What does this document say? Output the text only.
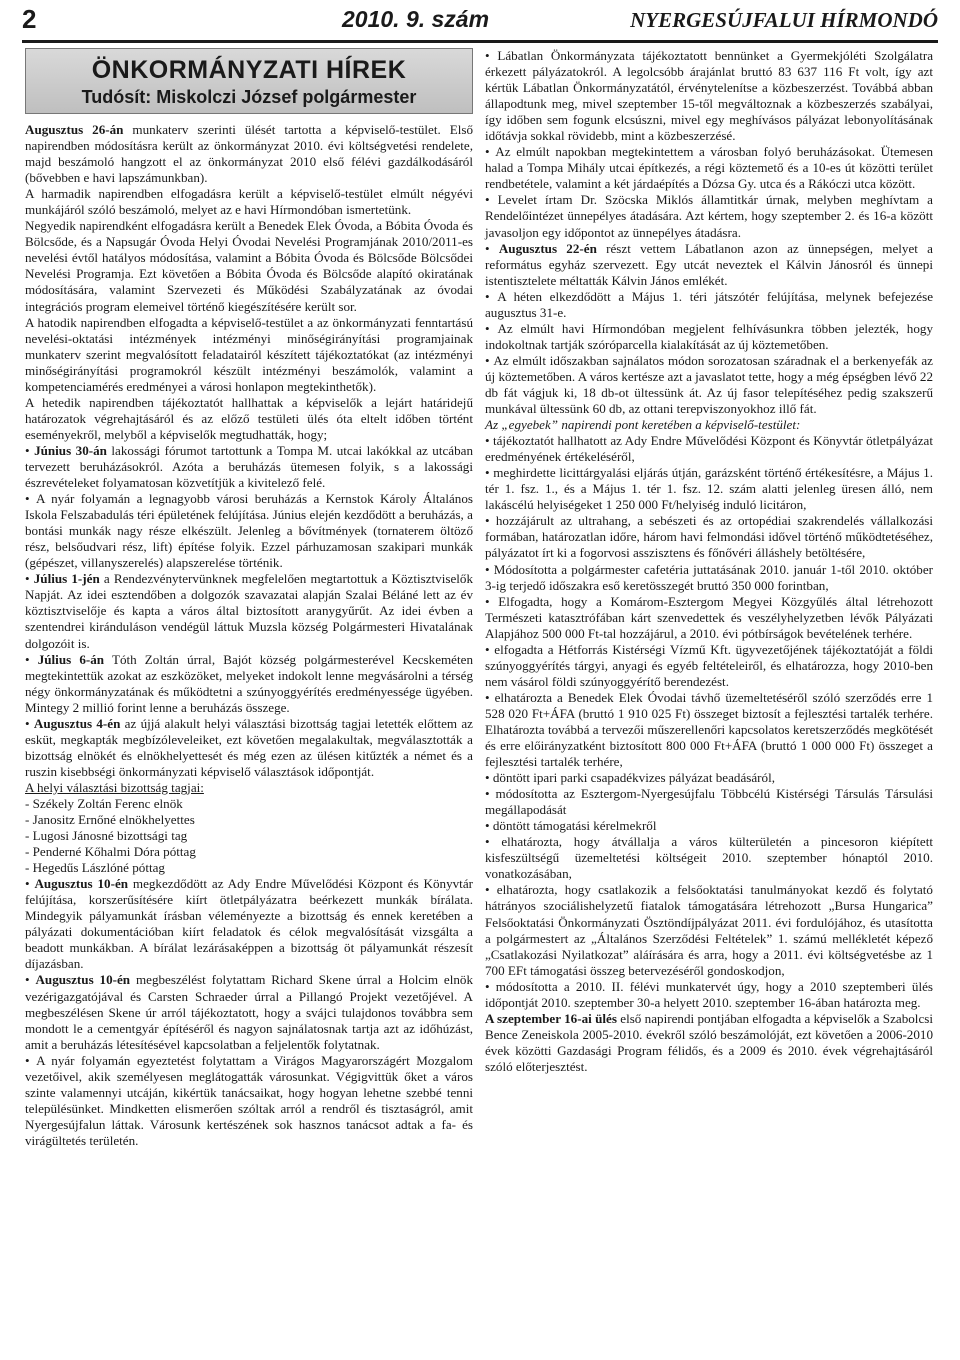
2	2010. 9. szám	NYERGESÚJFALUI HÍRMONDÓ
ÖNKORMÁNYZATI HÍREK
Tudósít: Miskolczi József polgármester

Augusztus 26-án munkaterv szerinti ülését tartotta a képviselő-testület. Első napirendben módosításra került az önkormányzat 2010. évi költségvetési rendelete, majd beszámoló hangzott el az önkormányzat 2010 első félévi gazdálkodásáról (bővebben e havi lapszámunkban).

A harmadik napirendben elfogadásra került a képviselő-testület elmúlt négyévi munkájáról szóló beszámoló, melyet az e havi Hírmondóban ismertetünk.

Negyedik napirendként elfogadásra került a Benedek Elek Óvoda, a Bóbita Óvoda és Bölcsőde, és a Napsugár Óvoda Helyi Óvodai Nevelési Programjának 2010/2011-es nevelési évtől hatályos módosítása, valamint a Bóbita Óvoda és Bölcsőde Bölcsődei Nevelési Programja. Ezt követően a Bóbita Óvoda és Bölcsőde alapító okiratának módosítására, valamint Szervezeti és Működési Szabályzatának az óvodai integrációs program elemeivel történő kiegészítésére került sor.

A hatodik napirendben elfogadta a képviselő-testület a az önkormányzati fenntartású nevelési-oktatási intézmények intézményi minőségirányítási programjainak munkaterv szerint megvalósított feladatairól készített tájékoztatókat (az intézményi minőségirányítási programokról készült intézményi beszámolók, valamint a kompetenciamérés eredményei a városi honlapon megtekinthetők).

A hetedik napirendben tájékoztatót hallhattak a képviselők a lejárt határidejű határozatok végrehajtásáról és az előző testületi ülés óta eltelt időben történt eseményekről, melyből a képviselők megtudhatták, hogy;

• Június 30-án lakossági fórumot tartottunk a Tompa M. utcai lakókkal az utcában tervezett beruházásokról. Azóta a beruházás ütemesen folyik, s a lakossági észrevételeket folyamatosan közvetítjük a kivitelező felé.

• A nyár folyamán a legnagyobb városi beruházás a Kernstok Károly Általános Iskola Felszabadulás téri épületének felújítása. Június elején kezdődött a beruházás, a bontási munkák nagy része elkészült. Jelenleg a bővítmények (tornaterem öltöző rész, belsőudvari rész, lift) építése folyik. Ezzel párhuzamosan szakipari munkák (gépészet, villanyszerelés) alapszerelése történik.

• Július 1-jén a Rendezvénytervünknek megfelelően megtartottuk a Köztisztviselők Napját. Az idei esztendőben a dolgozók szavazatai alapján Szalai Béláné lett az év köztisztviselője és kapta a város által biztosított aranygyűrűt. Az idei évben a szentendrei kiránduláson vendégül láttuk Muzsla község Polgármesteri Hivatalának dolgozóit is.

• Július 6-án Tóth Zoltán úrral, Bajót község polgármesterével Kecskeméten megtekintettük azokat az eszközöket, melyeket indokolt lenne megvásárolni a térség négy önkormányzatának és működtetni a szúnyoggyérítés eredményessége ügyében. Mintegy 2 millió forint lenne a beruházás összege.

• Augusztus 4-én az újjá alakult helyi választási bizottság tagjai letették előttem az esküt, megkapták megbízóleveleiket, ezt követően megalakultak, megválasztották a bizottság elnökét és elnökhelyettesét és még ezen az ülésen kitűzték a német és a ruszin kisebbségi önkormányzati képviselő választások időpontját.

A helyi választási bizottság tagjai:

- Székely Zoltán Ferenc elnök

- Janositz Ernőné elnökhelyettes

- Lugosi Jánosné bizottsági tag

- Penderné Kőhalmi Dóra póttag

- Hegedűs Lászlóné póttag

• Augusztus 10-én megkezdődött az Ady Endre Művelődési Központ és Könyvtár felújítása, korszerűsítésére kiírt ötletpályázatra beérkezett munkák bírálata. Mindegyik pályamunkát írásban véleményezte a bizottság és ennek keretében a pályázati dokumentációban kiírt feladatok és célok megvalósítását vizsgálta a beadott munkákban. A bírálat lezárásaképpen a bizottság öt pályamunkát részesít díjazásban.

• Augusztus 10-én megbeszélést folytattam Richard Skene úrral a Holcim elnök vezérigazgatójával és Carsten Schraeder úrral a Pillangó Projekt vezetőjével. A megbeszélésen Skene úr arról tájékoztatott, hogy a svájci tulajdonos továbbra sem mondott le a cementgyár építéséről és nagyon sajnálatosnak tartja azt az időhúzást, amit a beruházás létesítésével kapcsolatban a feljelentők folytatnak.

• A nyár folyamán egyeztetést folytattam a Virágos Magyarországért Mozgalom vezetőivel, akik személyesen meglátogatták városunkat. Végigvittük őket a város szinte valamennyi utcáján, kikértük tanácsaikat, hogy hogyan lehetne szebbé tenni településünket. Mindketten elismerően szóltak arról a rendről és tisztaságról, amit Nyergesújfalun láttak. Városunk kertészének sok hasznos tanácsot adtak a fa- és virágültetés területén.

• Lábatlan Önkormányzata tájékoztatott bennünket a Gyermekjóléti Szolgálatra érkezett pályázatokról. A legolcsóbb árajánlat bruttó 83 637 116 Ft volt, így azt kértük Lábatlan Önkormányzatától, érvénytelenítse a közbeszerzést. Továbbá abban állapodtunk meg, mivel szeptember 15-től megváltoznak a közbeszerzés szabályai, így időben sem fogunk elcsúszni, mivel egy meghívásos pályázat lebonyolításának időtávja sokkal rövidebb, mint a közbeszerzésé.

• Az elmúlt napokban megtekintettem a városban folyó beruházásokat. Ütemesen halad a Tompa Mihály utcai építkezés, a régi köztemető és a 10-es út közötti terület rendbetétele, valamint a két járdaépítés a Dózsa Gy. utca és a Rákóczi utca között.

• Levelet írtam Dr. Szöcska Miklós államtitkár úrnak, melyben meghívtam a Rendelőintézet ünnepélyes átadására. Azt kértem, hogy szeptember 2. és 16-a között javasoljon egy időpontot az ünnepélyes átadásra.

• Augusztus 22-én részt vettem Lábatlanon azon az ünnepségen, melyet a református egyház szervezett. Egy utcát neveztek el Kálvin Jánosról és ünnepi istentisztelete méltatták Kálvin János emlékét.

• A héten elkezdődött a Május 1. téri játszótér felújítása, melynek befejezése augusztus 31-e.

• Az elmúlt havi Hírmondóban megjelent felhívásunkra többen jelezték, hogy indokoltnak tartják szóróparcella kialakítását az új köztemetőben.

• Az elmúlt időszakban sajnálatos módon sorozatosan száradnak el a berkenyefák az új köztemetőben. A város kertésze azt a javaslatot tette, hogy a még épségben lévő 22 db fát vágjuk ki, 18 db-ot ültessünk át. Az új fasor telepítéséhez pedig szakszerű munkával ültessünk 60 db, az ottani terepviszonyokhoz illő fát.

Az „egyebek” napirendi pont keretében a képviselő-testület:

• tájékoztatót hallhatott az Ady Endre Művelődési Központ és Könyvtár ötletpályázat eredményének értékeléséről,

• meghirdette licittárgyalási eljárás útján, garázsként történő értékesítésre, a Május 1. tér 1. fsz. 1., és a Május 1. tér 1. fsz. 12. szám alatti jelenleg üresen álló, nem lakáscélú helyiségeket 1 250 000 Ft/helyiség induló licitáron,

• hozzájárult az ultrahang, a sebészeti és az ortopédiai szakrendelés vállalkozási formában, határozatlan időre, három havi felmondási idővel történő működtetéséhez, pályázatot írt ki a fogorvosi asszisztens és főnővéri álláshely betöltésére,

• Módosította a polgármester cafetéria juttatásának 2010. január 1-től 2010. október 3-ig terjedő időszakra eső keretösszegét bruttó 350 000 forintban,

• Elfogadta, hogy a Komárom-Esztergom Megyei Közgyűlés által létrehozott Természeti katasztrófában kárt szenvedettek és veszélyhelyzetben lévők Pályázati Alapjához 500 000 Ft-tal hozzájárul, a 2010. évi pótbírságok bevételének terhére.

• elfogadta a Hétforrás Kistérségi Vízmű Kft. ügyvezetőjének tájékoztatóját a földi szúnyoggyérítés tárgyi, anyagi és egyéb feltételeiről, és elhatározza, hogy 2010-ben nem vásárol földi szúnyoggyérítő berendezést.

• elhatározta a Benedek Elek Óvodai távhő üzemeltetéséről szóló szerződés erre 1 528 020 Ft+ÁFA (bruttó 1 910 025 Ft) összeget biztosít a fejlesztési tartalék terhére. Elhatározta továbbá a tervezői műszerellenőri kapcsolatos keretszerződés megkötését és erre előirányzatként biztosított 800 000 Ft+ÁFA (bruttó 1 000 000 Ft) összeget a fejlesztési tartalék terhére,

• döntött ipari parki csapadékvizes pályázat beadásáról,

• módosította az Esztergom-Nyergesújfalu Többcélú Kistérségi Társulás Társulási megállapodását

• döntött támogatási kérelmekről

• elhatározta, hogy átvállalja a város külterületén a pincesoron kiépített kisfeszültségű üzemeltetési költségeit 2010. szeptember hónaptól 2010. vonatkozásában,

• elhatározta, hogy csatlakozik a felsőoktatási tanulmányokat kezdő és folytató hátrányos szociálishelyzetű fiatalok támogatására létrehozott „Bursa Hungarica” Felsőoktatási Önkormányzati Ösztöndíjpályázat 2011. évi fordulójához, és utasította a polgármestert az „Általános Szerződési Feltételek” 1. számú mellékletét képező „Csatlakozási Nyilatkozat” aláírására és arra, hogy a 2011. évi költségvetésbe az 1 700 EFt támogatási összeg betervezéséről gondoskodjon,

• módosította a 2010. II. félévi munkatervét úgy, hogy a 2010 szeptemberi ülés időpontját 2010. szeptember 30-a helyett 2010. szeptember 16-ában határozta meg.

A szeptember 16-ai ülés első napirendi pontjában elfogadta a képviselők a Szabolcsi Bence Zeneiskola 2005-2010. évekről szóló beszámolóját, ezt követően a 2006-2010 évek közötti Gazdasági Program félidős, és a 2009 és 2010. évek végrehajtásáról szóló előterjesztést.
